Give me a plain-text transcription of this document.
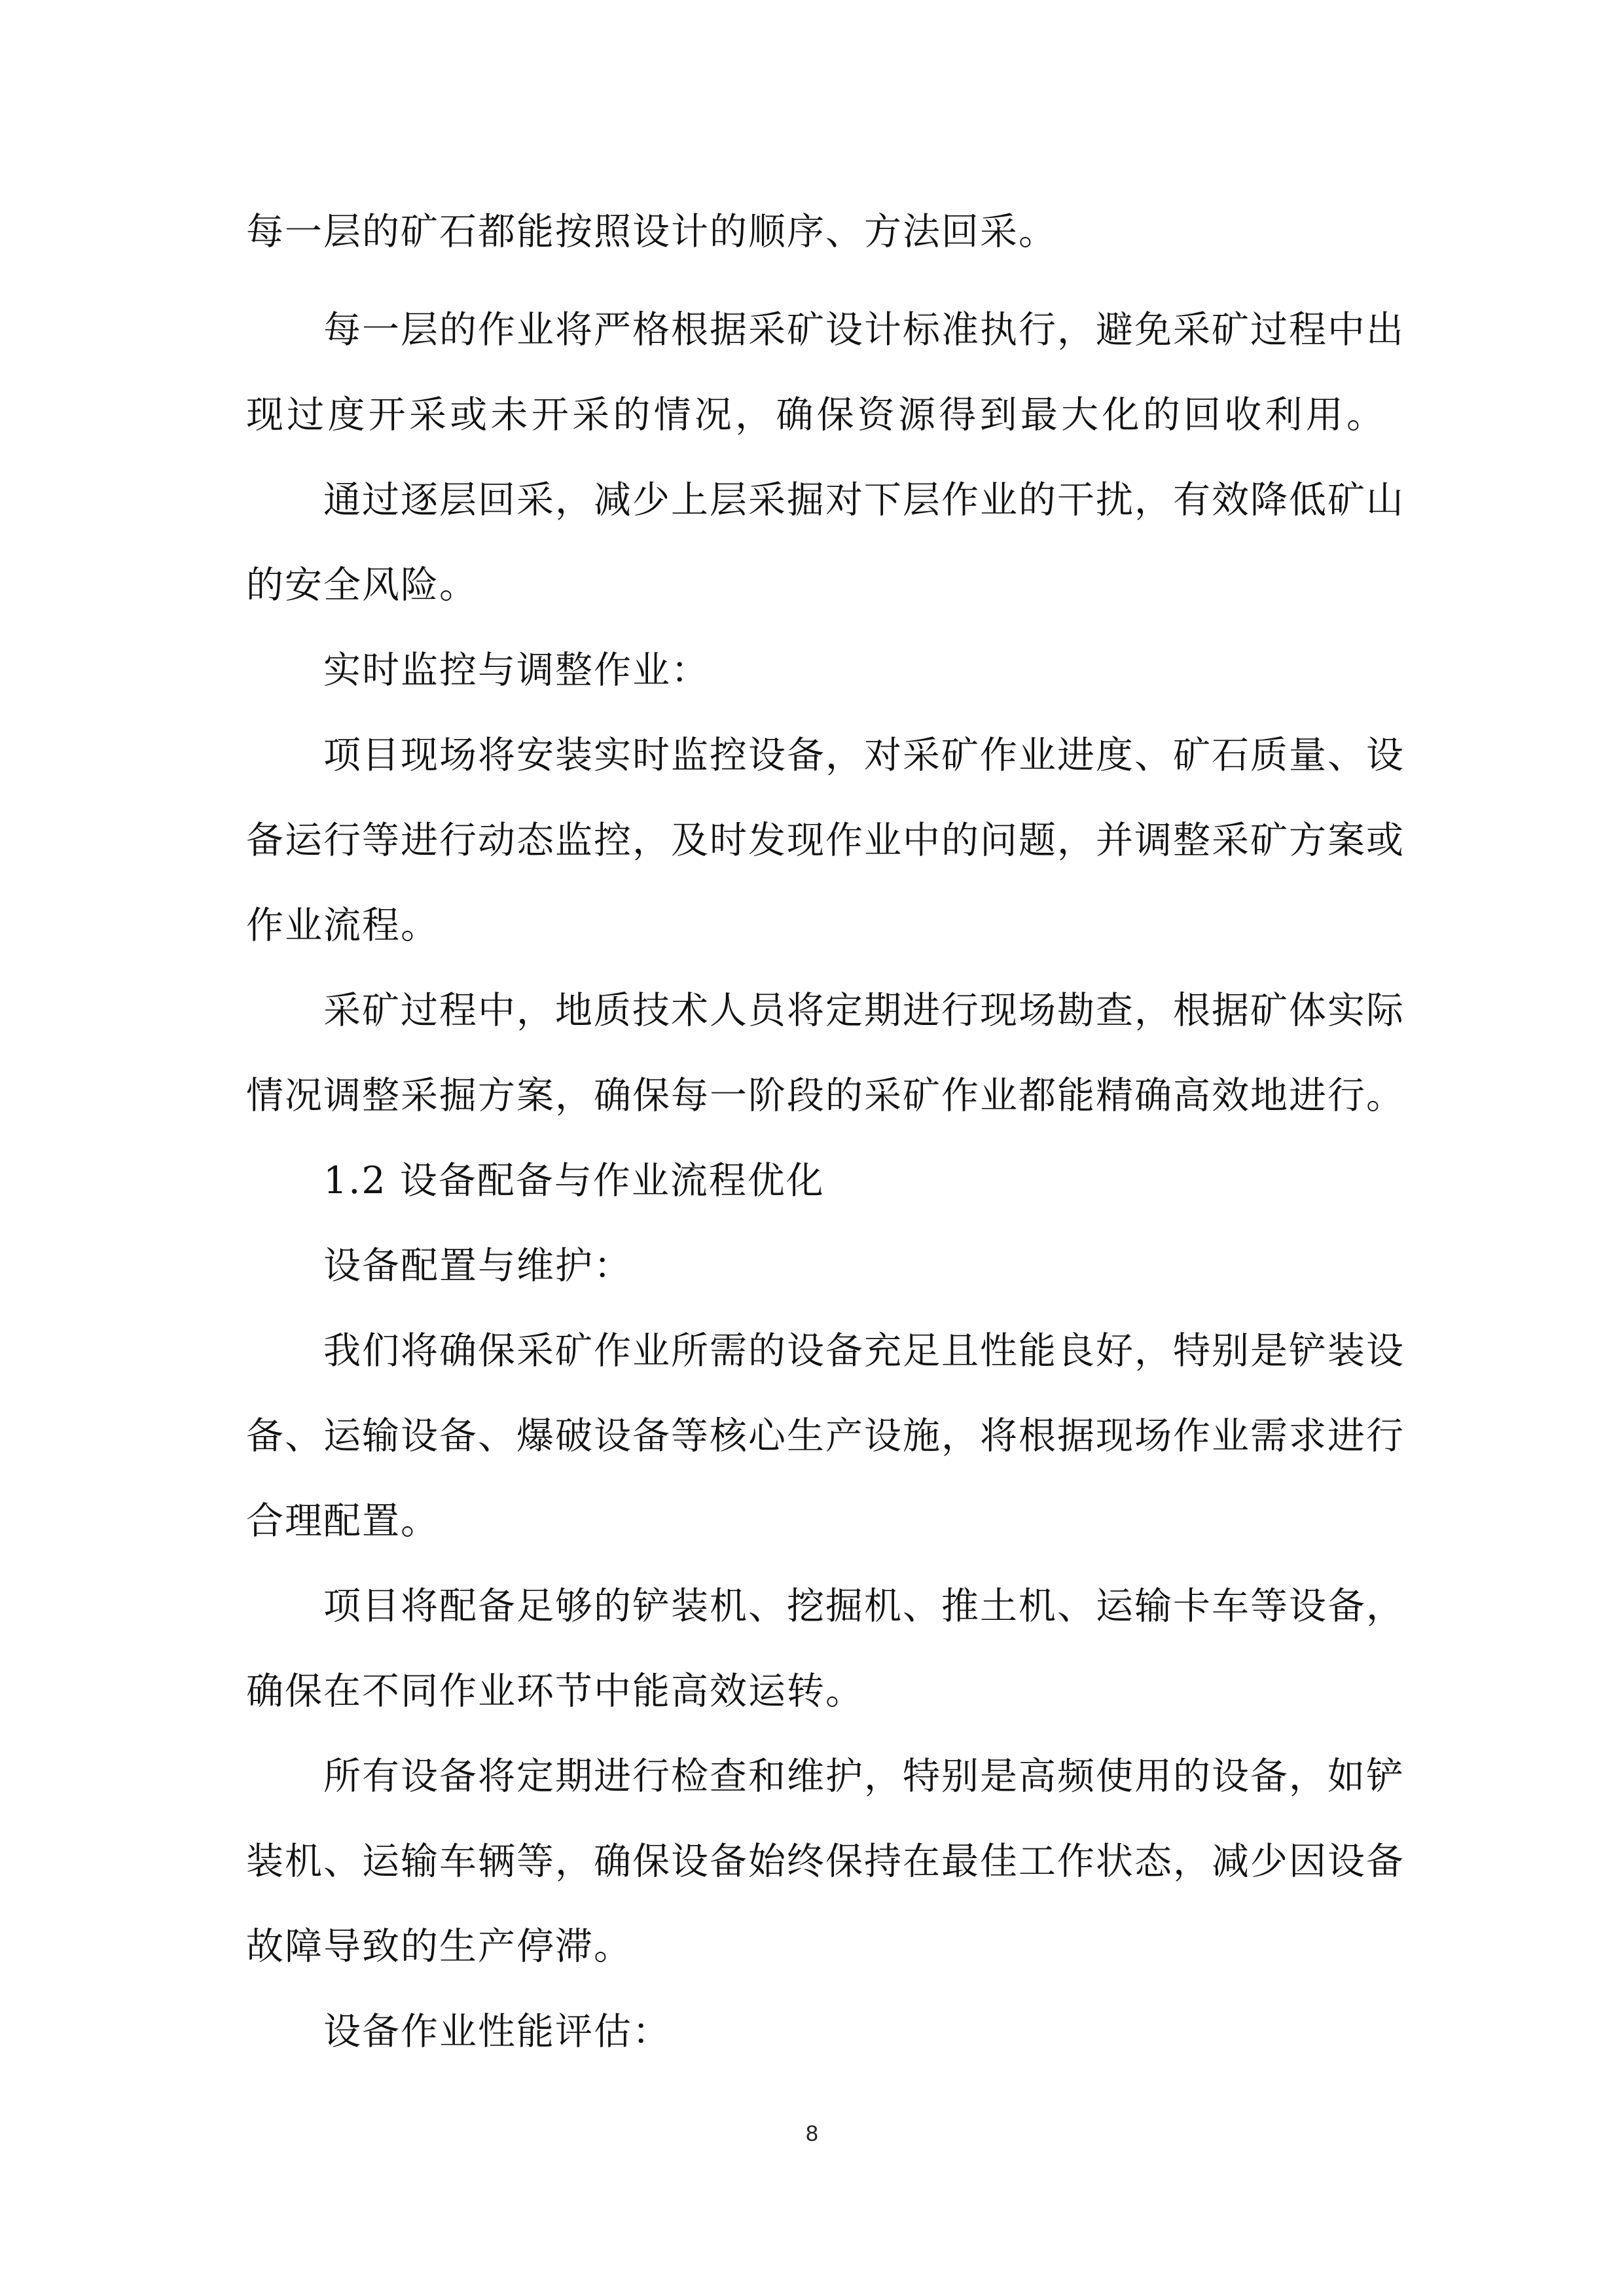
每一层的矿石都能按照设计的顺序、方法回采。
每一层的作业将严格根据采矿设计标准执行，避免采矿过程中出
现过度开采或未开采的情况，确保资源得到最大化的回收利用。
通过逐层回采，减少上层采掘对下层作业的干扰，有效降低矿山
的安全风险。
实时监控与调整作业：
项目现场将安装实时监控设备，对采矿作业进度、矿石质量、设
备运行等进行动态监控，及时发现作业中的问题，并调整采矿方案或
作业流程。
采矿过程中，地质技术人员将定期进行现场勘查，根据矿体实际
情况调整采掘方案，确保每一阶段的采矿作业都能精确高效地进行。
1.2 设备配备与作业流程优化
设备配置与维护：
我们将确保采矿作业所需的设备充足且性能良好，特别是铲装设
备、运输设备、爆破设备等核心生产设施，将根据现场作业需求进行
合理配置。
项目将配备足够的铲装机、挖掘机、推土机、运输卡车等设备，
确保在不同作业环节中能高效运转。
所有设备将定期进行检查和维护，特别是高频使用的设备，如铲
装机、运输车辆等，确保设备始终保持在最佳工作状态，减少因设备
故障导致的生产停滞。
设备作业性能评估：
8
